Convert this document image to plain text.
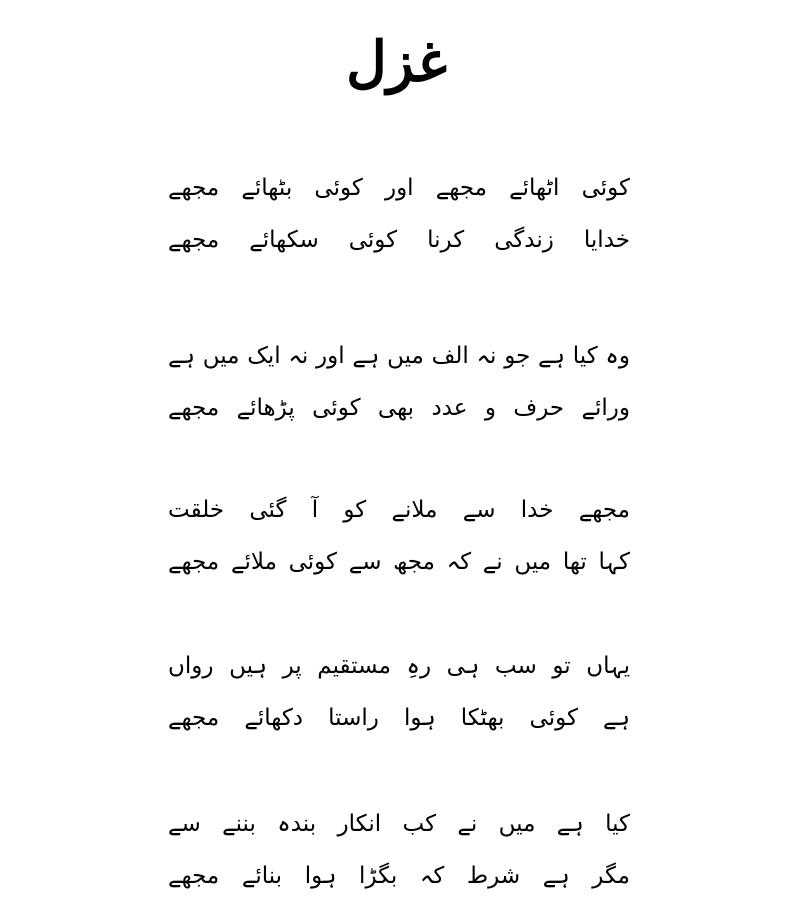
غزل
کوئی اٹھائے مجھے اور کوئی بٹھائے مجھے
خدایا زندگی کرنا کوئی سکھائے مجھے
وہ کیا ہے جو نہ الف میں ہے اور نہ ایک میں ہے
ورائے حرف و عدد بھی کوئی پڑھائے مجھے
مجھے خدا سے ملانے کو آ گئی خلقت
کہا تھا میں نے کہ مجھ سے کوئی ملائے مجھے
یہاں تو سب ہی رہِ مستقیم پر ہیں رواں
ہے کوئی بھٹکا ہوا راستا دکھائے مجھے
کیا ہے میں نے کب انکار بندہ بننے سے
مگر ہے شرط کہ بگڑا ہوا بنائے مجھے
